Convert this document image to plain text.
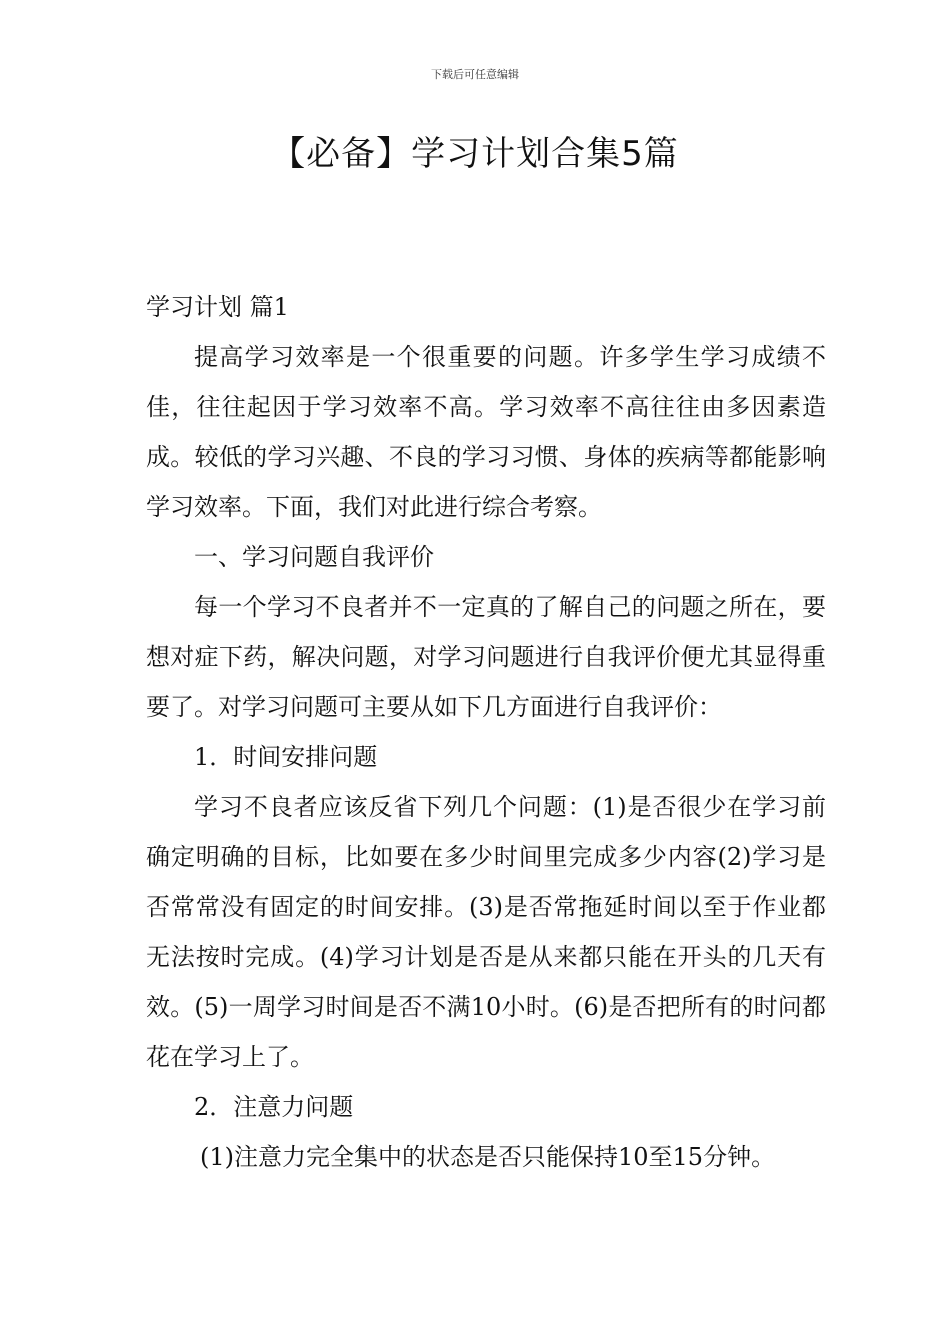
下载后可任意编辑
【必备】学习计划合集5篇

学习计划 篇1

提高学习效率是一个很重要的问题。许多学生学习成绩不佳，往往起因于学习效率不高。学习效率不高往往由多因素造成。较低的学习兴趣、不良的学习习惯、身体的疾病等都能影响学习效率。下面，我们对此进行综合考察。

一、学习问题自我评价

每一个学习不良者并不一定真的了解自己的问题之所在，要想对症下药，解决问题，对学习问题进行自我评价便尤其显得重要了。对学习问题可主要从如下几方面进行自我评价：

1．时间安排问题

学习不良者应该反省下列几个问题：(1)是否很少在学习前确定明确的目标，比如要在多少时间里完成多少内容(2)学习是否常常没有固定的时间安排。(3)是否常拖延时间以至于作业都无法按时完成。(4)学习计划是否是从来都只能在开头的几天有效。(5)一周学习时间是否不满10小时。(6)是否把所有的时问都花在学习上了。

2．注意力问题

(1)注意力完全集中的状态是否只能保持10至15分钟。
